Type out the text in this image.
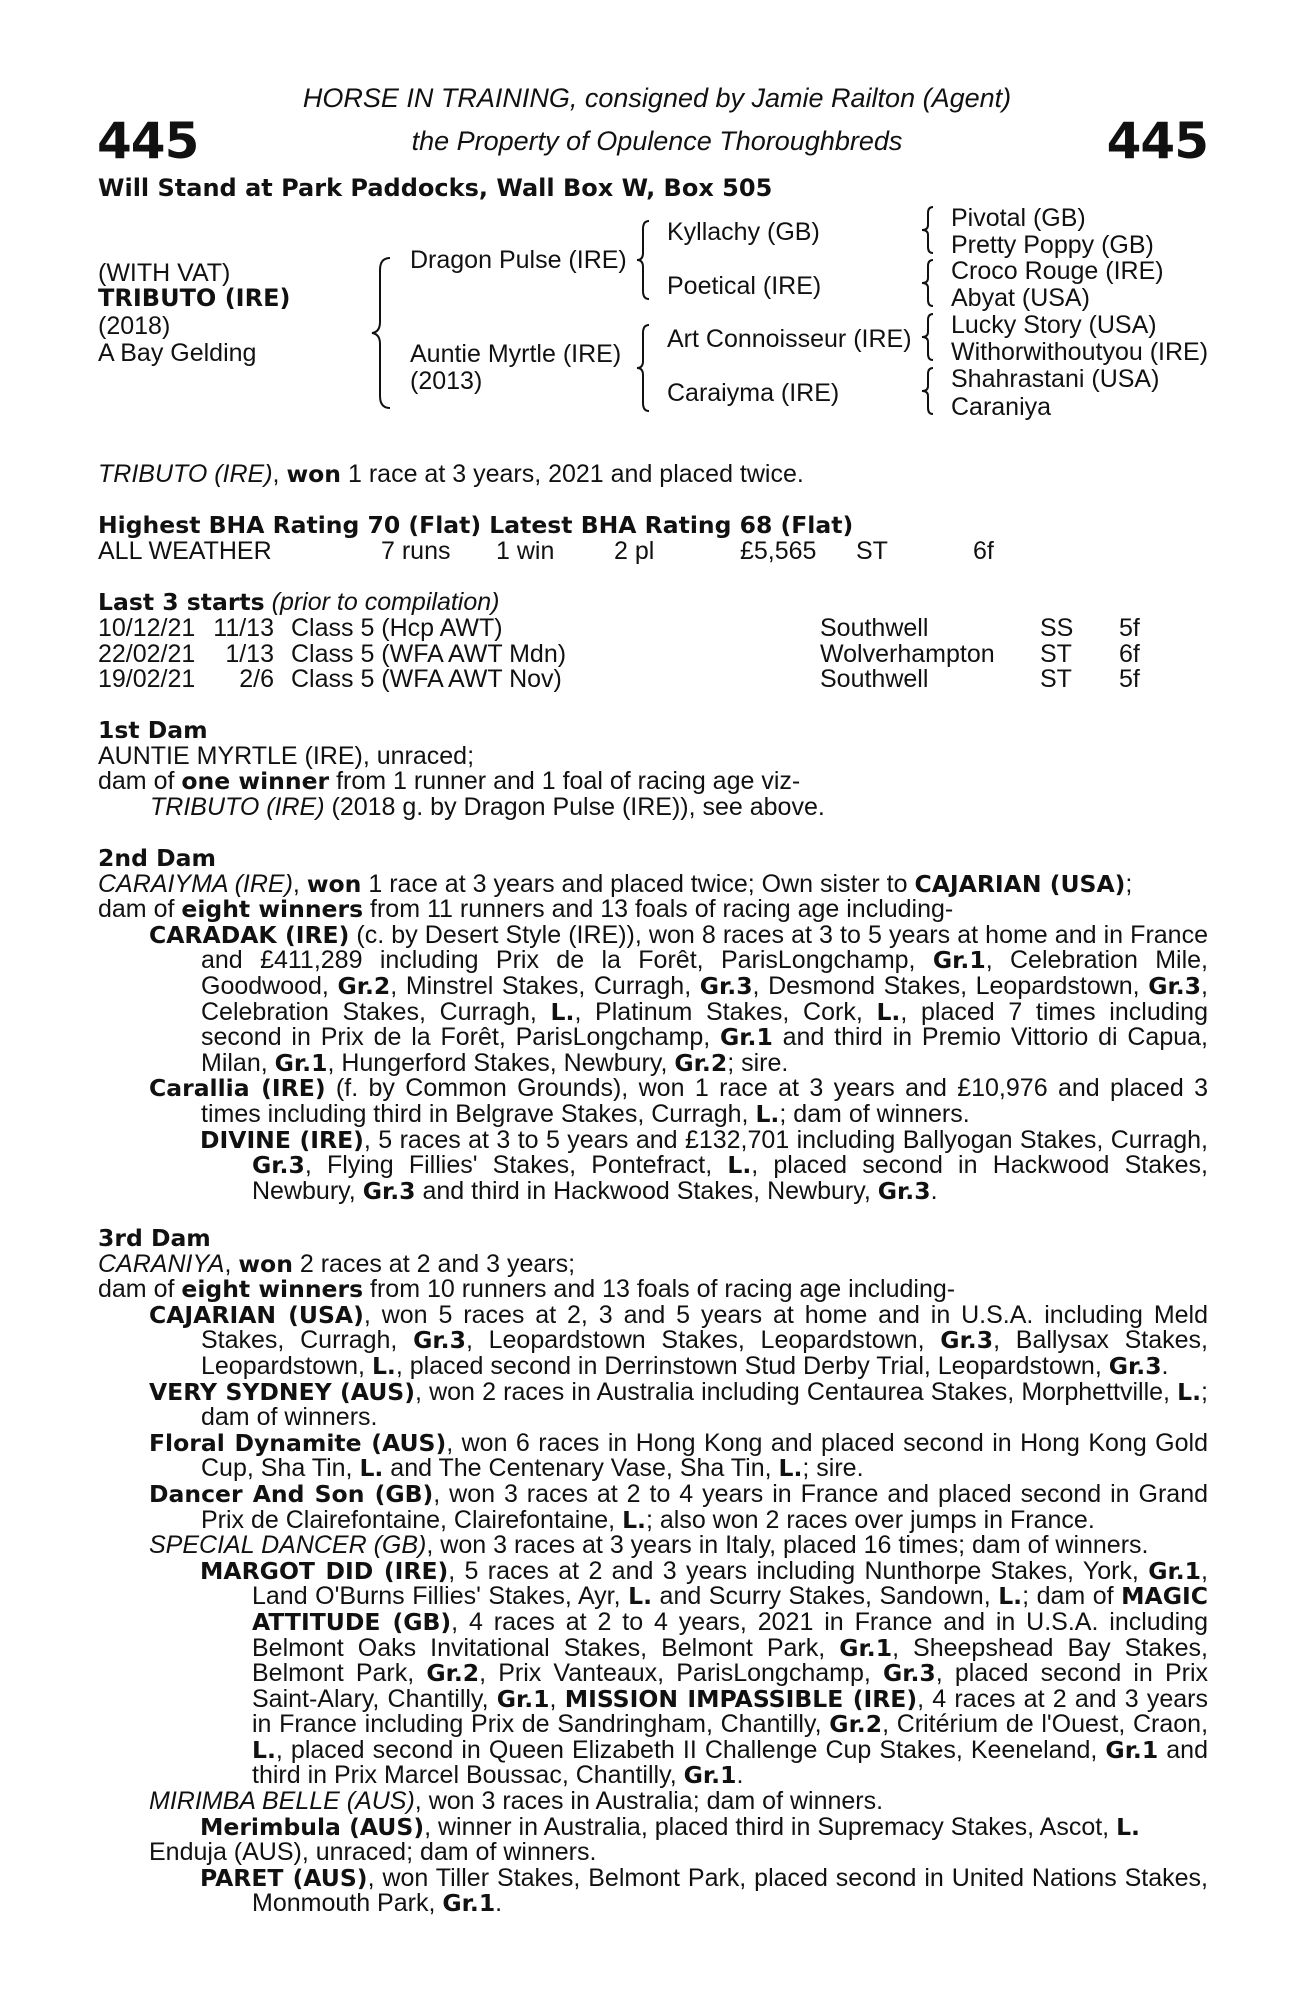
445	445
HORSE IN TRAINING, consigned by Jamie Railton (Agent)
the Property of Opulence Thoroughbreds
Will Stand at Park Paddocks, Wall Box W, Box 505
(WITH VAT)
TRIBUTO (IRE)
(2018)
A Bay Gelding
Dragon Pulse (IRE)
Auntie Myrtle (IRE)
(2013)
Kyllachy (GB)
Poetical (IRE)
Art Connoisseur (IRE)
Caraiyma (IRE)
Pivotal (GB)
Pretty Poppy (GB)
Croco Rouge (IRE)
Abyat (USA)
Lucky Story (USA)
Withorwithoutyou (IRE)
Shahrastani (USA)
Caraniya
TRIBUTO (IRE), won 1 race at 3 years, 2021 and placed twice.
Highest BHA Rating 70 (Flat) Latest BHA Rating 68 (Flat)
ALL WEATHER	7 runs 1 win 2 pl	£5,565 ST	6f
Last 3 starts (prior to compilation)
10/12/21 11/13 Class 5 (Hcp AWT)	Southwell	SS 5f
22/02/21 1/13 Class 5 (WFA AWT Mdn)	Wolverhampton ST 6f
19/02/21 2/6 Class 5 (WFA AWT Nov)	Southwell	ST 5f
1st Dam
AUNTIE MYRTLE (IRE), unraced;
dam of one winner from 1 runner and 1 foal of racing age viz-
TRIBUTO (IRE) (2018 g. by Dragon Pulse (IRE)), see above.
2nd Dam
CARAIYMA (IRE), won 1 race at 3 years and placed twice; Own sister to CAJARIAN (USA);
dam of eight winners from 11 runners and 13 foals of racing age including-

CARADAK (IRE) (c. by Desert Style (IRE)), won 8 races at 3 to 5 years at home and in France and £411,289 including Prix de la Forêt, ParisLongchamp, Gr.1, Celebration Mile, Goodwood, Gr.2, Minstrel Stakes, Curragh, Gr.3, Desmond Stakes, Leopardstown, Gr.3, Celebration Stakes, Curragh, L., Platinum Stakes, Cork, L., placed 7 times including second in Prix de la Forêt, ParisLongchamp, Gr.1 and third in Premio Vittorio di Capua, Milan, Gr.1, Hungerford Stakes, Newbury, Gr.2; sire.

Carallia (IRE) (f. by Common Grounds), won 1 race at 3 years and £10,976 and placed 3 times including third in Belgrave Stakes, Curragh, L.; dam of winners.

DIVINE (IRE), 5 races at 3 to 5 years and £132,701 including Ballyogan Stakes, Curragh, Gr.3, Flying Fillies' Stakes, Pontefract, L., placed second in Hackwood Stakes, Newbury, Gr.3 and third in Hackwood Stakes, Newbury, Gr.3.

3rd Dam
CARANIYA, won 2 races at 2 and 3 years;
dam of eight winners from 10 runners and 13 foals of racing age including-

CAJARIAN (USA), won 5 races at 2, 3 and 5 years at home and in U.S.A. including Meld Stakes, Curragh, Gr.3, Leopardstown Stakes, Leopardstown, Gr.3, Ballysax Stakes, Leopardstown, L., placed second in Derrinstown Stud Derby Trial, Leopardstown, Gr.3.

VERY SYDNEY (AUS), won 2 races in Australia including Centaurea Stakes, Morphettville, L.; dam of winners.

Floral Dynamite (AUS), won 6 races in Hong Kong and placed second in Hong Kong Gold Cup, Sha Tin, L. and The Centenary Vase, Sha Tin, L.; sire.

Dancer And Son (GB), won 3 races at 2 to 4 years in France and placed second in Grand Prix de Clairefontaine, Clairefontaine, L.; also won 2 races over jumps in France.

SPECIAL DANCER (GB), won 3 races at 3 years in Italy, placed 16 times; dam of winners.

MARGOT DID (IRE), 5 races at 2 and 3 years including Nunthorpe Stakes, York, Gr.1, Land O'Burns Fillies' Stakes, Ayr, L. and Scurry Stakes, Sandown, L.; dam of MAGIC ATTITUDE (GB), 4 races at 2 to 4 years, 2021 in France and in U.S.A. including Belmont Oaks Invitational Stakes, Belmont Park, Gr.1, Sheepshead Bay Stakes, Belmont Park, Gr.2, Prix Vanteaux, ParisLongchamp, Gr.3, placed second in Prix Saint-Alary, Chantilly, Gr.1, MISSION IMPASSIBLE (IRE), 4 races at 2 and 3 years in France including Prix de Sandringham, Chantilly, Gr.2, Critérium de l'Ouest, Craon, L., placed second in Queen Elizabeth II Challenge Cup Stakes, Keeneland, Gr.1 and third in Prix Marcel Boussac, Chantilly, Gr.1.

MIRIMBA BELLE (AUS), won 3 races in Australia; dam of winners.

Merimbula (AUS), winner in Australia, placed third in Supremacy Stakes, Ascot, L.

Enduja (AUS), unraced; dam of winners.

PARET (AUS), won Tiller Stakes, Belmont Park, placed second in United Nations Stakes, Monmouth Park, Gr.1.
